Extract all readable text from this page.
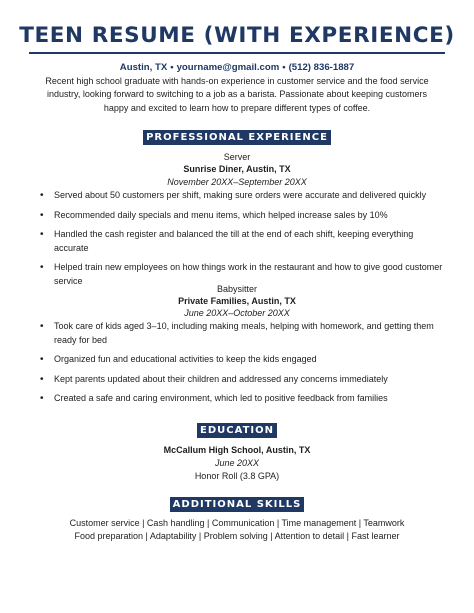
TEEN RESUME (WITH EXPERIENCE)
Austin, TX • yourname@gmail.com • (512) 836-1887
Recent high school graduate with hands-on experience in customer service and the food service industry, looking forward to switching to a job as a barista. Passionate about keeping customers happy and excited to learn how to prepare different types of coffee.
PROFESSIONAL EXPERIENCE
Server
Sunrise Diner, Austin, TX
November 20XX–September 20XX
• Served about 50 customers per shift, making sure orders were accurate and delivered quickly
• Recommended daily specials and menu items, which helped increase sales by 10%
• Handled the cash register and balanced the till at the end of each shift, keeping everything accurate
• Helped train new employees on how things work in the restaurant and how to give good customer service
Babysitter
Private Families, Austin, TX
June 20XX–October 20XX
• Took care of kids aged 3–10, including making meals, helping with homework, and getting them ready for bed
• Organized fun and educational activities to keep the kids engaged
• Kept parents updated about their children and addressed any concerns immediately
• Created a safe and caring environment, which led to positive feedback from families
EDUCATION
McCallum High School, Austin, TX
June 20XX
Honor Roll (3.8 GPA)
ADDITIONAL SKILLS
Customer service | Cash handling | Communication | Time management | Teamwork
Food preparation | Adaptability | Problem solving | Attention to detail | Fast learner
